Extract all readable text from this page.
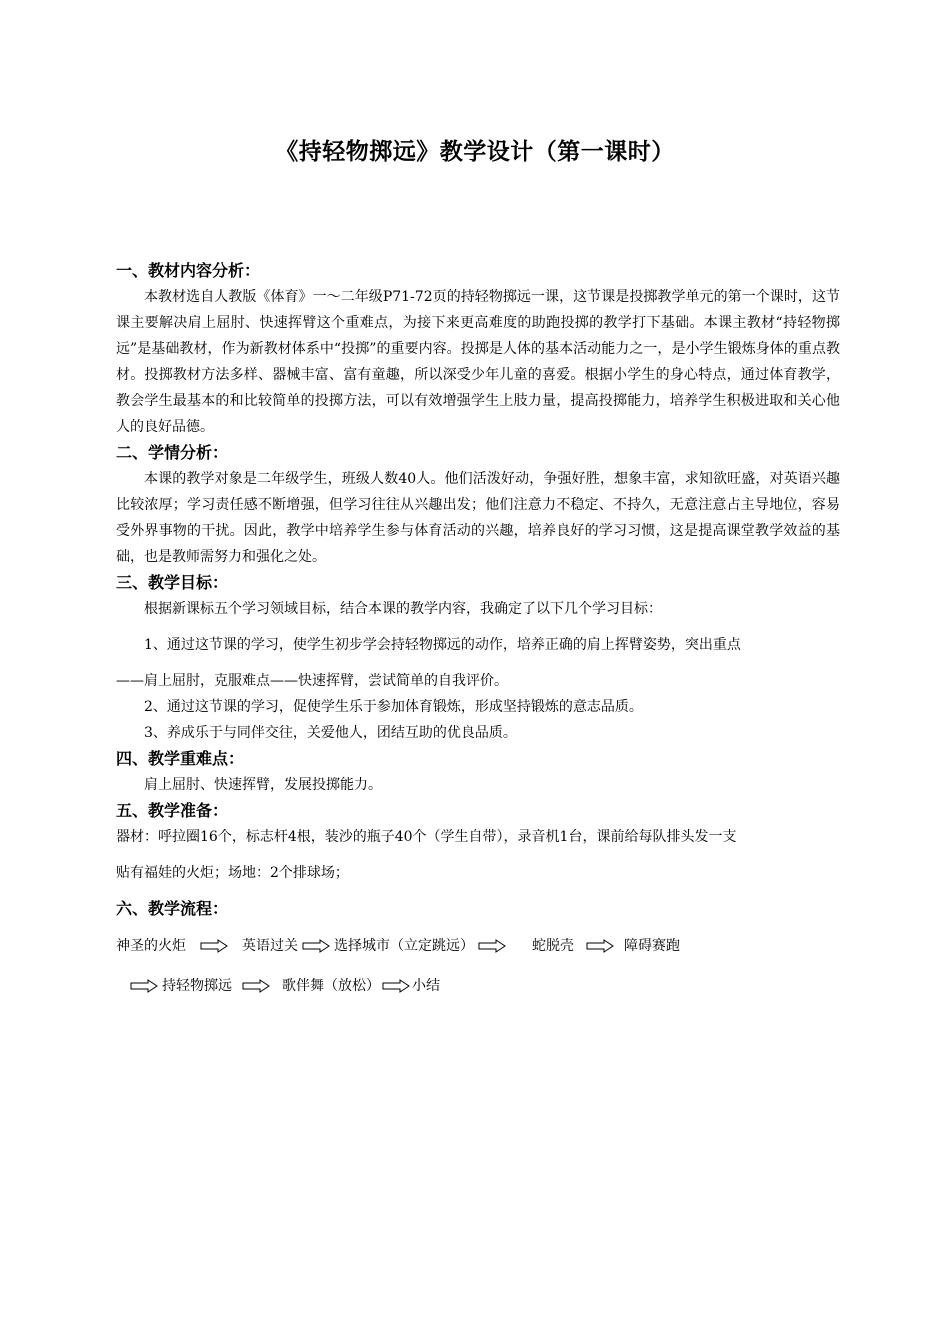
《持轻物掷远》教学设计（第一课时）
一、教材内容分析：

本教材选自人教版《体育》一～二年级P71-72页的持轻物掷远一课，这节课是投掷教学单元的第一个课时，这节课主要解决肩上屈肘、快速挥臂这个重难点，为接下来更高难度的助跑投掷的教学打下基础。本课主教材“持轻物掷远”是基础教材，作为新教材体系中“投掷”的重要内容。投掷是人体的基本活动能力之一，是小学生锻炼身体的重点教材。投掷教材方法多样、器械丰富、富有童趣，所以深受少年儿童的喜爱。根据小学生的身心特点，通过体育教学，教会学生最基本的和比较简单的投掷方法，可以有效增强学生上肢力量，提高投掷能力，培养学生积极进取和关心他人的良好品德。

二、学情分析：

本课的教学对象是二年级学生，班级人数40人。他们活泼好动，争强好胜，想象丰富，求知欲旺盛，对英语兴趣比较浓厚；学习责任感不断增强，但学习往往从兴趣出发；他们注意力不稳定、不持久，无意注意占主导地位，容易受外界事物的干扰。因此，教学中培养学生参与体育活动的兴趣，培养良好的学习习惯，这是提高课堂教学效益的基础，也是教师需努力和强化之处。

三、教学目标：

根据新课标五个学习领域目标，结合本课的教学内容，我确定了以下几个学习目标：

1、通过这节课的学习，使学生初步学会持轻物掷远的动作，培养正确的肩上挥臂姿势，突出重点

——肩上屈肘，克服难点——快速挥臂，尝试简单的自我评价。

2、通过这节课的学习，促使学生乐于参加体育锻炼，形成坚持锻炼的意志品质。

3、养成乐于与同伴交往，关爱他人，团结互助的优良品质。

四、教学重难点：

肩上屈肘、快速挥臂，发展投掷能力。

五、教学准备：

器材：呼拉圈16个，标志杆4根，装沙的瓶子40个（学生自带），录音机1台，课前给每队排头发一支

贴有福娃的火炬；场地：2个排球场；

六、教学流程：
神圣的火炬	英语过关	选择城市（立定跳远）	蛇脱壳	障碍赛跑
持轻物掷远	歌伴舞（放松） 小结
